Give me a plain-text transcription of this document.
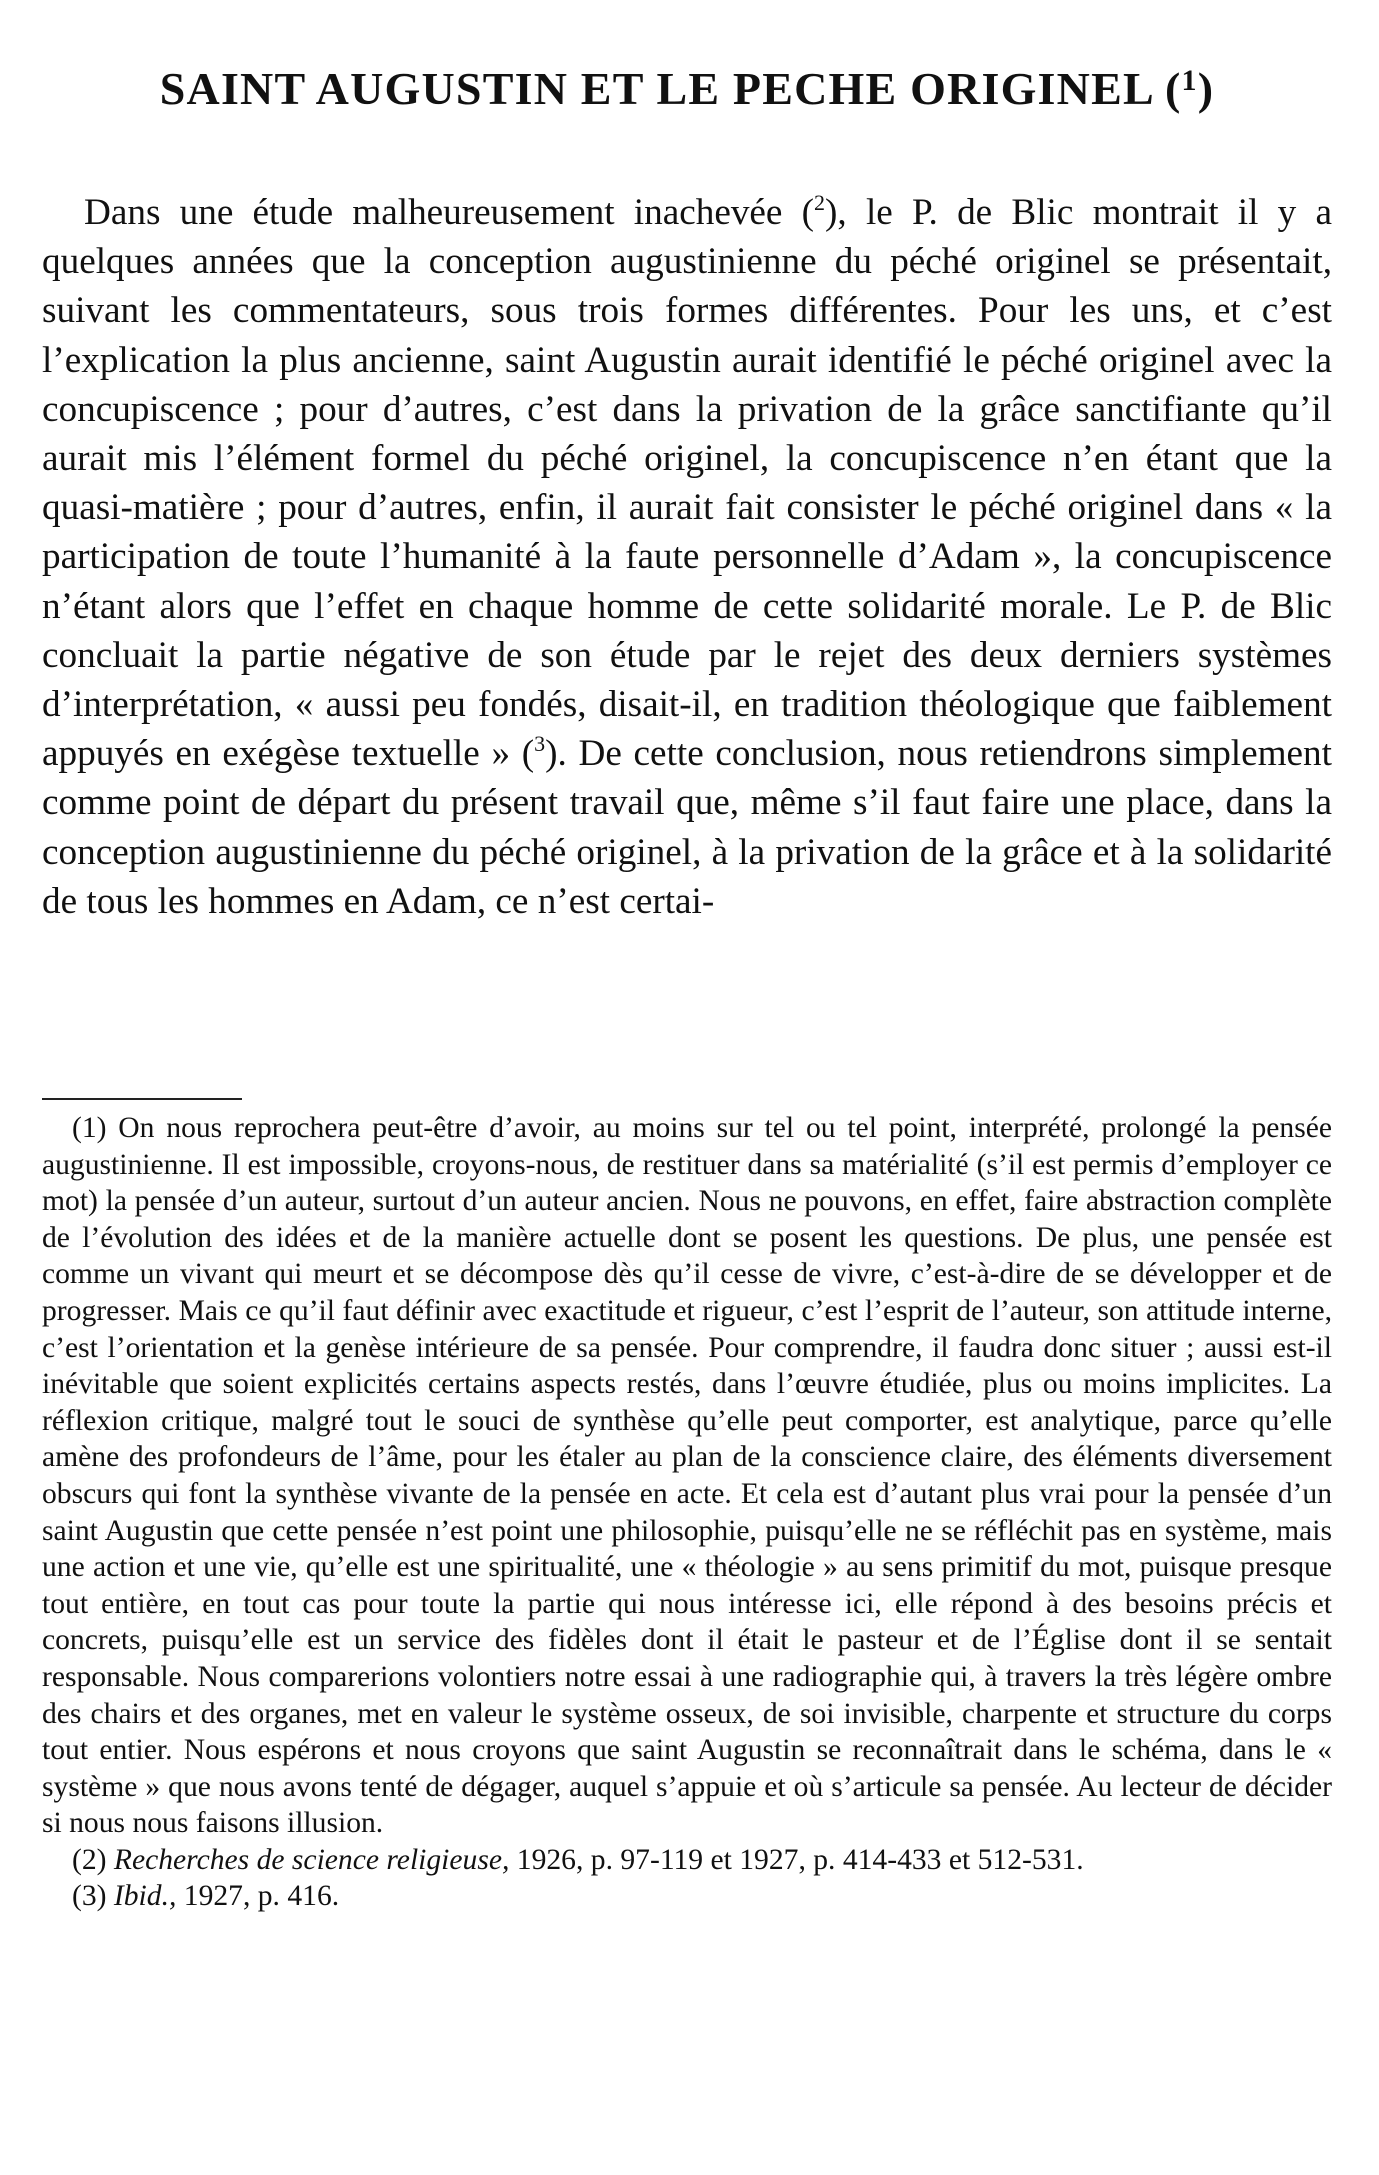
SAINT AUGUSTIN ET LE PECHE ORIGINEL ($^1$)
Dans une étude malheureusement inachevée ($^2$), le P. de Blic montrait il y a quelques années que la conception augustinienne du péché originel se présentait, suivant les commentateurs, sous trois formes différentes. Pour les uns, et c’est l’explication la plus ancienne, saint Augustin aurait identifié le péché originel avec la concupiscence ; pour d’autres, c’est dans la privation de la grâce sanctifiante qu’il aurait mis l’élément formel du péché originel, la concupiscence n’en étant que la quasi-matière ; pour d’autres, enfin, il aurait fait consister le péché originel dans « la participation de toute l’humanité à la faute personnelle d’Adam », la concupiscence n’étant alors que l’effet en chaque homme de cette solidarité morale. Le P. de Blic concluait la partie négative de son étude par le rejet des deux derniers systèmes d’interprétation, « aussi peu fondés, disait-il, en tradition théologique que faiblement appuyés en exégèse textuelle » ($^3$). De cette conclusion, nous retiendrons simplement comme point de départ du présent travail que, même s’il faut faire une place, dans la conception augustinienne du péché originel, à la privation de la grâce et à la solidarité de tous les hommes en Adam, ce n’est certai-

(1) On nous reprochera peut-être d’avoir, au moins sur tel ou tel point, interprété, prolongé la pensée augustinienne. Il est impossible, croyons-nous, de restituer dans sa matérialité (s’il est permis d’employer ce mot) la pensée d’un auteur, surtout d’un auteur ancien. Nous ne pouvons, en effet, faire abstraction complète de l’évolution des idées et de la manière actuelle dont se posent les questions. De plus, une pensée est comme un vivant qui meurt et se décompose dès qu’il cesse de vivre, c’est-à-dire de se développer et de progresser. Mais ce qu’il faut définir avec exactitude et rigueur, c’est l’esprit de l’auteur, son attitude interne, c’est l’orientation et la genèse intérieure de sa pensée. Pour comprendre, il faudra donc situer ; aussi est-il inévitable que soient explicités certains aspects restés, dans l’œuvre étudiée, plus ou moins implicites. La réflexion critique, malgré tout le souci de synthèse qu’elle peut comporter, est analytique, parce qu’elle amène des profondeurs de l’âme, pour les étaler au plan de la conscience claire, des éléments diversement obscurs qui font la synthèse vivante de la pensée en acte. Et cela est d’autant plus vrai pour la pensée d’un saint Augustin que cette pensée n’est point une philosophie, puisqu’elle ne se réfléchit pas en système, mais une action et une vie, qu’elle est une spiritualité, une « théologie » au sens primitif du mot, puisque presque tout entière, en tout cas pour toute la partie qui nous intéresse ici, elle répond à des besoins précis et concrets, puisqu’elle est un service des fidèles dont il était le pasteur et de l’Église dont il se sentait responsable. Nous comparerions volontiers notre essai à une radiographie qui, à travers la très légère ombre des chairs et des organes, met en valeur le système osseux, de soi invisible, charpente et structure du corps tout entier. Nous espérons et nous croyons que saint Augustin se reconnaîtrait dans le schéma, dans le « système » que nous avons tenté de dégager, auquel s’appuie et où s’articule sa pensée. Au lecteur de décider si nous nous faisons illusion.

(2) Recherches de science religieuse, 1926, p. 97-119 et 1927, p. 414-433 et 512-531.

(3) Ibid., 1927, p. 416.
